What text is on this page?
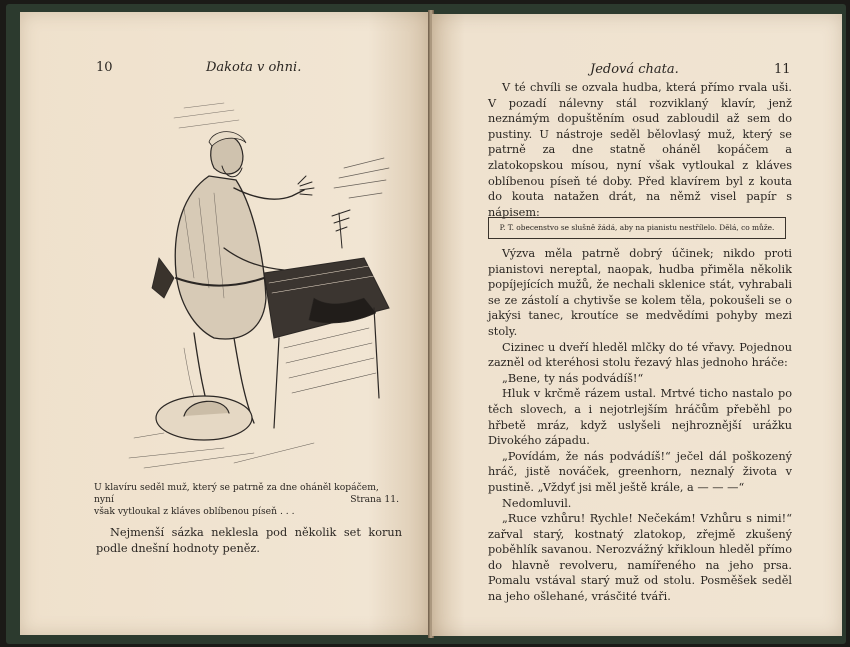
10	Dakota v ohni.
U klavíru seděl muž, který se patrně za dne oháněl kopáčem, nyní
však vytloukal z kláves oblíbenou píseň . . .
Strana 11.

Nejmenší sázka neklesla pod několik set korun podle dnešní hodnoty peněz.

Jedová chata.	11

V té chvíli se ozvala hudba, která přímo rvala uši. V pozadí nálevny stál rozviklaný klavír, jenž neznámým dopuštěním osud zabloudil až sem do pustiny. U nástroje seděl bělovlasý muž, který se patrně za dne statně oháněl kopáčem a zlatokopskou mísou, nyní však vytloukal z kláves oblíbenou píseň té doby. Před klavírem byl z kouta do kouta natažen drát, na němž visel papír s nápisem:

P. T. obecenstvo se slušně žádá, aby na pianistu nestřílelo. Dělá, co může.

Výzva měla patrně dobrý účinek; nikdo proti pianistovi nereptal, naopak, hudba přiměla několik popíjejících mužů, že nechali sklenice stát, vyhrabali se ze zástolí a chytivše se kolem těla, pokoušeli se o jakýsi tanec, kroutíce se medvědími pohyby mezi stoly.

Cizinec u dveří hleděl mlčky do té vřavy. Pojednou zazněl od kteréhosi stolu řezavý hlas jednoho hráče:

„Bene, ty nás podvádíš!“

Hluk v krčmě rázem ustal. Mrtvé ticho nastalo po těch slovech, a i nejotrlejším hráčům přeběhl po hřbetě mráz, když uslyšeli nejhroznější urážku Divokého západu.

„Povídám, že nás podvádíš!“ ječel dál poškozený hráč, jistě nováček, greenhorn, neznalý života v pustině. „Vždyť jsi měl ještě krále, a — — —“

Nedomluvil.

„Ruce vzhůru! Rychle! Nečekám! Vzhůru s nimi!“ zařval starý, kostnatý zlatokop, zřejmě zkušený poběhlík savanou. Nerozvážný křikloun hleděl přímo do hlavně revolveru, namířeného na jeho prsa. Pomalu vstával starý muž od stolu. Posměšek seděl na jeho ošlehané, vrásčité tváři.
